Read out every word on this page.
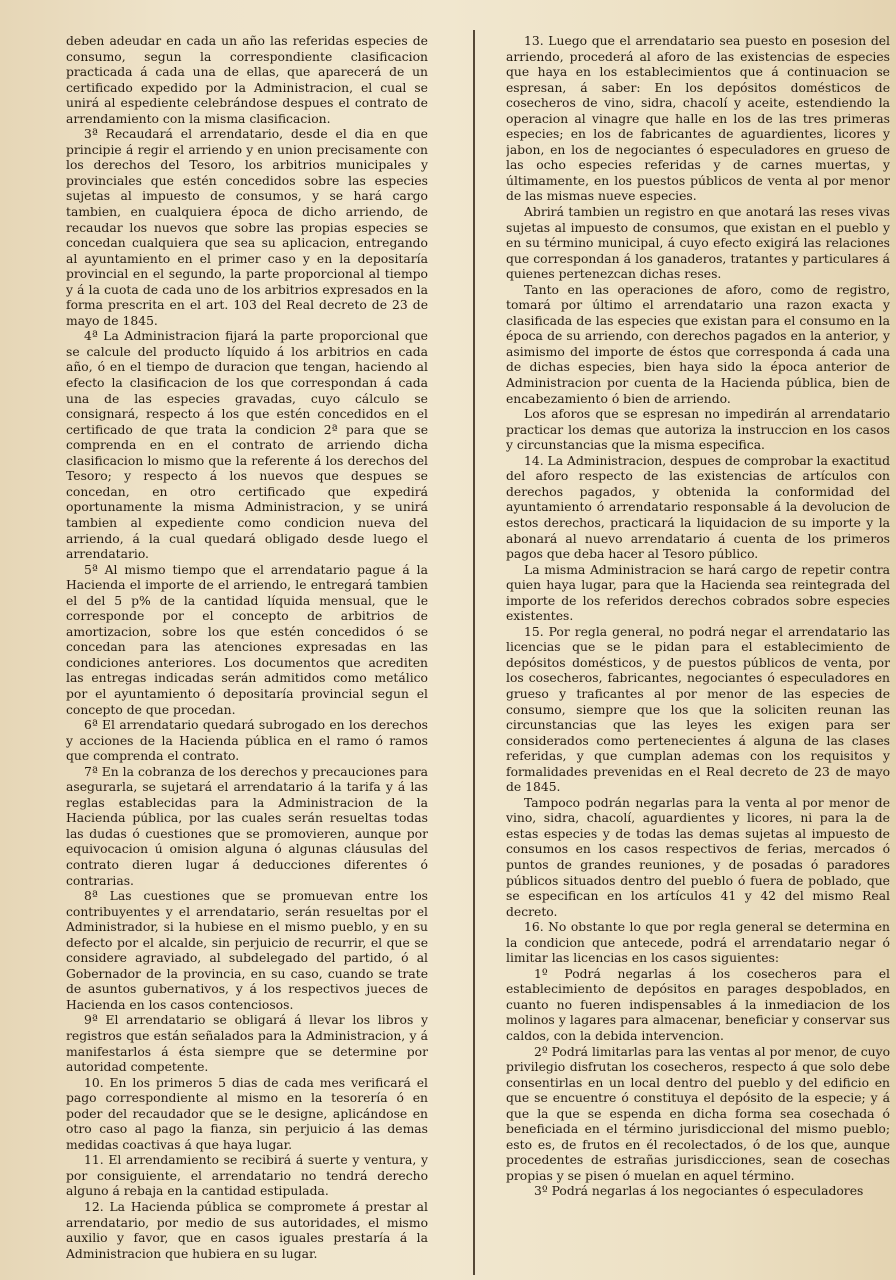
deben adeudar en cada un año las referidas especies de consumo, segun la correspondiente clasificacion practicada á cada una de ellas, que aparecerá de un certificado expedido por la Administracion, el cual se unirá al espediente celebrándose despues el contrato de arrendamiento con la misma clasificacion.

3ª Recaudará el arrendatario, desde el dia en que principie á regir el arriendo y en union precisamente con los derechos del Tesoro, los arbitrios municipales y provinciales que estén concedidos sobre las especies sujetas al impuesto de consumos, y se hará cargo tambien, en cualquiera época de dicho arriendo, de recaudar los nuevos que sobre las propias especies se concedan cualquiera que sea su aplicacion, entregando al ayuntamiento en el primer caso y en la depositaría provincial en el segundo, la parte proporcional al tiempo y á la cuota de cada uno de los arbitrios expresados en la forma prescrita en el art. 103 del Real decreto de 23 de mayo de 1845.

4ª La Administracion fijará la parte proporcional que se calcule del producto líquido á los arbitrios en cada año, ó en el tiempo de duracion que tengan, haciendo al efecto la clasificacion de los que correspondan á cada una de las especies gravadas, cuyo cálculo se consignará, respecto á los que estén concedidos en el certificado de que trata la condicion 2ª para que se comprenda en en el contrato de arriendo dicha clasificacion lo mismo que la referente á los derechos del Tesoro; y respecto á los nuevos que despues se concedan, en otro certificado que expedirá oportunamente la misma Administracion, y se unirá tambien al expediente como condicion nueva del arriendo, á la cual quedará obligado desde luego el arrendatario.

5ª Al mismo tiempo que el arrendatario pague á la Hacienda el importe de el arriendo, le entregará tambien el del 5 p% de la cantidad líquida mensual, que le corresponde por el concepto de arbitrios de amortizacion, sobre los que estén concedidos ó se concedan para las atenciones expresadas en las condiciones anteriores. Los documentos que acrediten las entregas indicadas serán admitidos como metálico por el ayuntamiento ó depositaría provincial segun el concepto de que procedan.

6ª El arrendatario quedará subrogado en los derechos y acciones de la Hacienda pública en el ramo ó ramos que comprenda el contrato.

7ª En la cobranza de los derechos y precauciones para asegurarla, se sujetará el arrendatario á la tarifa y á las reglas establecidas para la Administracion de la Hacienda pública, por las cuales serán resueltas todas las dudas ó cuestiones que se promovieren, aunque por equivocacion ú omision alguna ó algunas cláusulas del contrato dieren lugar á deducciones diferentes ó contrarias.

8ª Las cuestiones que se promuevan entre los contribuyentes y el arrendatario, serán resueltas por el Administrador, si la hubiese en el mismo pueblo, y en su defecto por el alcalde, sin perjuicio de recurrir, el que se considere agraviado, al subdelegado del partido, ó al Gobernador de la provincia, en su caso, cuando se trate de asuntos gubernativos, y á los respectivos jueces de Hacienda en los casos contenciosos.

9ª El arrendatario se obligará á llevar los libros y registros que están señalados para la Administracion, y á manifestarlos á ésta siempre que se determine por autoridad competente.

10. En los primeros 5 dias de cada mes verificará el pago correspondiente al mismo en la tesorería ó en poder del recaudador que se le designe, aplicándose en otro caso al pago la fianza, sin perjuicio á las demas medidas coactivas á que haya lugar.

11. El arrendamiento se recibirá á suerte y ventura, y por consiguiente, el arrendatario no tendrá derecho alguno á rebaja en la cantidad estipulada.

12. La Hacienda pública se compromete á prestar al arrendatario, por medio de sus autoridades, el mismo auxilio y favor, que en casos iguales prestaría á la Administracion que hubiera en su lugar.

13. Luego que el arrendatario sea puesto en posesion del arriendo, procederá al aforo de las existencias de especies que haya en los establecimientos que á continuacion se espresan, á saber: En los depósitos domésticos de cosecheros de vino, sidra, chacolí y aceite, estendiendo la operacion al vinagre que halle en los de las tres primeras especies; en los de fabricantes de aguardientes, licores y jabon, en los de negociantes ó especuladores en grueso de las ocho especies referidas y de carnes muertas, y últimamente, en los puestos públicos de venta al por menor de las mismas nueve especies.

Abrirá tambien un registro en que anotará las reses vivas sujetas al impuesto de consumos, que existan en el pueblo y en su término municipal, á cuyo efecto exigirá las relaciones que correspondan á los ganaderos, tratantes y particulares á quienes pertenezcan dichas reses.

Tanto en las operaciones de aforo, como de registro, tomará por último el arrendatario una razon exacta y clasificada de las especies que existan para el consumo en la época de su arriendo, con derechos pagados en la anterior, y asimismo del importe de éstos que corresponda á cada una de dichas especies, bien haya sido la época anterior de Administracion por cuenta de la Hacienda pública, bien de encabezamiento ó bien de arriendo.

Los aforos que se espresan no impedirán al arrendatario practicar los demas que autoriza la instruccion en los casos y circunstancias que la misma especifica.

14. La Administracion, despues de comprobar la exactitud del aforo respecto de las existencias de artículos con derechos pagados, y obtenida la conformidad del ayuntamiento ó arrendatario responsable á la devolucion de estos derechos, practicará la liquidacion de su importe y la abonará al nuevo arrendatario á cuenta de los primeros pagos que deba hacer al Tesoro público.

La misma Administracion se hará cargo de repetir contra quien haya lugar, para que la Hacienda sea reintegrada del importe de los referidos derechos cobrados sobre especies existentes.

15. Por regla general, no podrá negar el arrendatario las licencias que se le pidan para el establecimiento de depósitos domésticos, y de puestos públicos de venta, por los cosecheros, fabricantes, negociantes ó especuladores en grueso y traficantes al por menor de las especies de consumo, siempre que los que la soliciten reunan las circunstancias que las leyes les exigen para ser considerados como pertenecientes á alguna de las clases referidas, y que cumplan ademas con los requisitos y formalidades prevenidas en el Real decreto de 23 de mayo de 1845.

Tampoco podrán negarlas para la venta al por menor de vino, sidra, chacolí, aguardientes y licores, ni para la de estas especies y de todas las demas sujetas al impuesto de consumos en los casos respectivos de ferias, mercados ó puntos de grandes reuniones, y de posadas ó paradores públicos situados dentro del pueblo ó fuera de poblado, que se especifican en los artículos 41 y 42 del mismo Real decreto.

16. No obstante lo que por regla general se determina en la condicion que antecede, podrá el arrendatario negar ó limitar las licencias en los casos siguientes:

1º Podrá negarlas á los cosecheros para el establecimiento de depósitos en parages despoblados, en cuanto no fueren indispensables á la inmediacion de los molinos y lagares para almacenar, beneficiar y conservar sus caldos, con la debida intervencion.

2º Podrá limitarlas para las ventas al por menor, de cuyo privilegio disfrutan los cosecheros, respecto á que solo debe consentirlas en un local dentro del pueblo y del edificio en que se encuentre ó constituya el depósito de la especie; y á que la que se espenda en dicha forma sea cosechada ó beneficiada en el término jurisdiccional del mismo pueblo; esto es, de frutos en él recolectados, ó de los que, aunque procedentes de estrañas jurisdicciones, sean de cosechas propias y se pisen ó muelan en aquel término.

3º Podrá negarlas á los negociantes ó especuladores
